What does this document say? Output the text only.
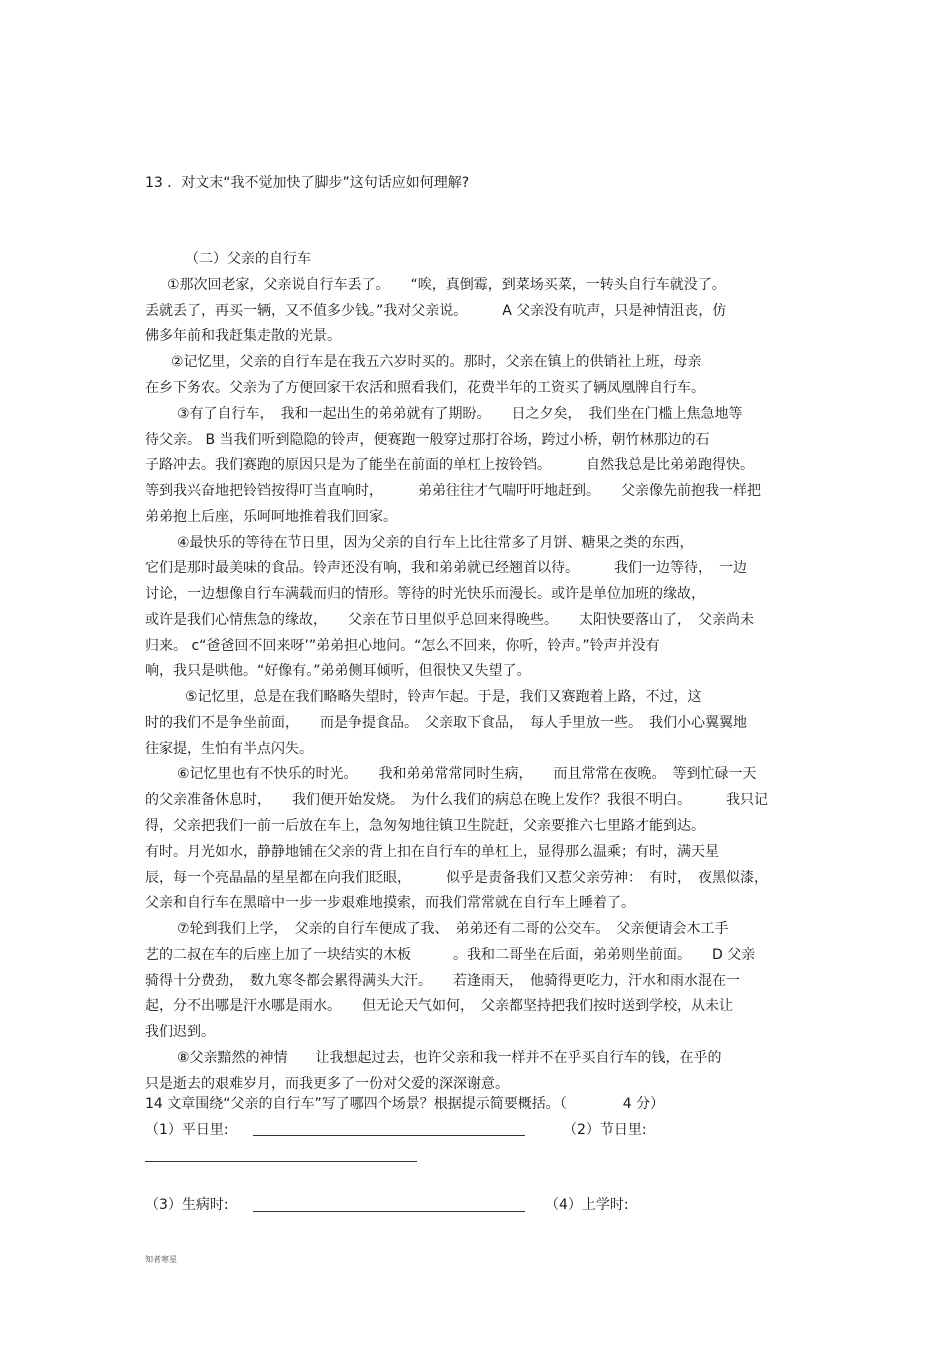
13 ．对文末“我不觉加快了脚步”这句话应如何理解?
（二）父亲的自行车
①那次回老家，父亲说自行车丢了。　　“唉，真倒霉，到菜场买菜，一转头自行车就没了。
丢就丢了，再买一辆，又不值多少钱。”我对父亲说。　　　A 父亲没有吭声，只是神情沮丧，仿
佛多年前和我赶集走散的光景。
②记忆里，父亲的自行车是在我五六岁时买的。那时，父亲在镇上的供销社上班，母亲
在乡下务农。父亲为了方便回家干农活和照看我们，花费半年的工资买了辆凤凰牌自行车。
③有了自行车，　我和一起出生的弟弟就有了期盼。　　日之夕矣，　我们坐在门槛上焦急地等
待父亲。 B 当我们听到隐隐的铃声，便赛跑一般穿过那打谷场，跨过小桥，朝竹林那边的石
子路冲去。我们赛跑的原因只是为了能坐在前面的单杠上按铃铛。　　　自然我总是比弟弟跑得快。
等到我兴奋地把铃铛按得叮当直响时，　　　弟弟往往才气喘吁吁地赶到。　　父亲像先前抱我一样把
弟弟抱上后座，乐呵呵地推着我们回家。
④最快乐的等待在节日里，因为父亲的自行车上比往常多了月饼、糖果之类的东西，
它们是那时最美味的食品。铃声还没有响，我和弟弟就已经翘首以待。　　　我们一边等待，　一边
讨论，一边想像自行车满载而归的情形。等待的时光快乐而漫长。或许是单位加班的缘故，
或许是我们心情焦急的缘故，　　父亲在节日里似乎总回来得晚些。　　太阳快要落山了，　父亲尚未
归来。 c“爸爸回不回来呀’”弟弟担心地问。“怎么不回来，你听，铃声。”铃声并没有
响，我只是哄他。“好像有。”弟弟侧耳倾听，但很快又失望了。
⑤记忆里，总是在我们略略失望时，铃声乍起。于是，我们又赛跑着上路，不过，这
时的我们不是争坐前面，　　而是争提食品。　父亲取下食品，　每人手里放一些。　我们小心翼翼地
往家提，生怕有半点闪失。
⑥记忆里也有不快乐的时光。　　我和弟弟常常同时生病，　　而且常常在夜晚。　等到忙碌一天
的父亲准备休息时，　　我们便开始发烧。　为什么我们的病总在晚上发作？我很不明白。　　　我只记
得，父亲把我们一前一后放在车上，急匆匆地往镇卫生院赶，父亲要推六七里路才能到达。
有时。月光如水，静静地铺在父亲的背上扣在自行车的单杠上，显得那么温乘；有时，满天星
辰，每一个亮晶晶的星星都在向我们眨眼，　　　似乎是责备我们又惹父亲劳神：　有时，　夜黑似漆，
父亲和自行车在黑暗中一步一步艰难地摸索，而我们常常就在自行车上睡着了。
⑦轮到我们上学，　父亲的自行车便成了我、　弟弟还有二哥的公交车。　父亲便请会木工手
艺的二叔在车的后座上加了一块结实的木板　　　。我和二哥坐在后面，弟弟则坐前面。　　D 父亲
骑得十分费劲，　数九寒冬都会累得满头大汗。　　若逢雨天，　他骑得更吃力，汗水和雨水混在一
起，分不出哪是汗水哪是雨水。　　但无论天气如何，　父亲都坚持把我们按时送到学校，从未让
我们迟到。
⑧父亲黯然的神情　　让我想起过去，也许父亲和我一样并不在乎买自行车的钱，在乎的
只是逝去的艰难岁月，而我更多了一份对父爱的深深谢意。
14 文章围绕“父亲的自行车”写了哪四个场景？根据提示简要概括。（　　　　4 分）
（1）平日里:	（2）节日里:
（3）生病时:	（4）上学时:
知者寒星
